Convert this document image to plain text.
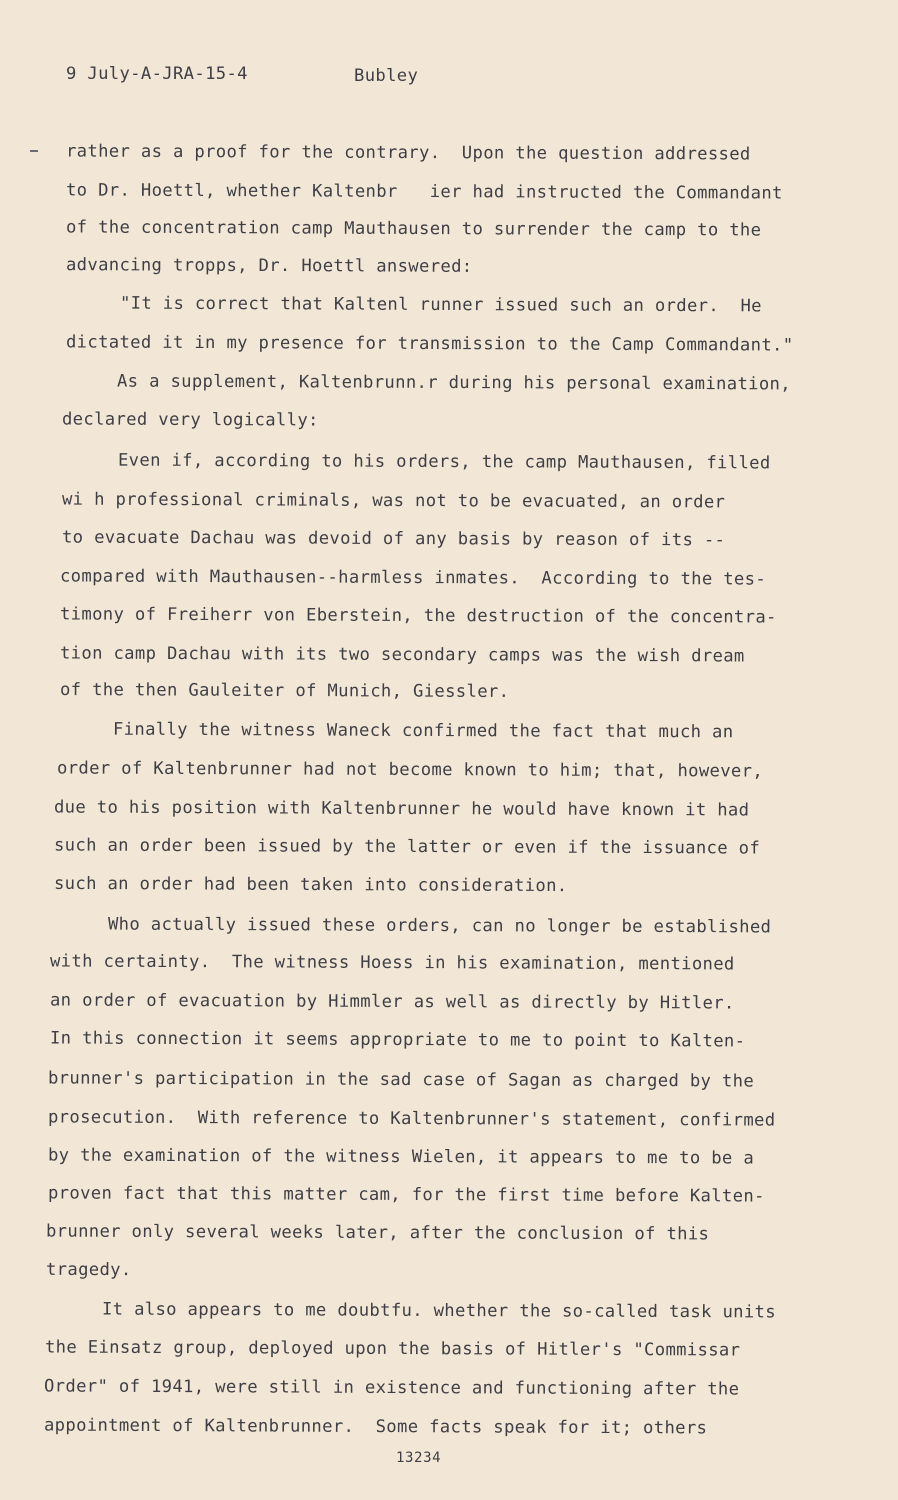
9 July-A-JRA-15-4	Bubley
rather as a proof for the contrary.  Upon the question addressed
to Dr. Hoettl, whether Kaltenbr   ier had instructed the Commandant
of the concentration camp Mauthausen to surrender the camp to the
advancing tropps, Dr. Hoettl answered:
"It is correct that Kaltenl runner issued such an order.  He
dictated it in my presence for transmission to the Camp Commandant."
As a supplement, Kaltenbrunn.r during his personal examination,
declared very logically:
Even if, according to his orders, the camp Mauthausen, filled
wi h professional criminals, was not to be evacuated, an order
to evacuate Dachau was devoid of any basis by reason of its --
compared with Mauthausen--harmless inmates.  According to the tes-
timony of Freiherr von Eberstein, the destruction of the concentra-
tion camp Dachau with its two secondary camps was the wish dream
of the then Gauleiter of Munich, Giessler.
Finally the witness Waneck confirmed the fact that much an
order of Kaltenbrunner had not become known to him; that, however,
due to his position with Kaltenbrunner he would have known it had
such an order been issued by the latter or even if the issuance of
such an order had been taken into consideration.
Who actually issued these orders, can no longer be established
with certainty.  The witness Hoess in his examination, mentioned
an order of evacuation by Himmler as well as directly by Hitler.
In this connection it seems appropriate to me to point to Kalten-
brunner's participation in the sad case of Sagan as charged by the
prosecution.  With reference to Kaltenbrunner's statement, confirmed
by the examination of the witness Wielen, it appears to me to be a
proven fact that this matter cam, for the first time before Kalten-
brunner only several weeks later, after the conclusion of this
tragedy.
It also appears to me doubtfu. whether the so-called task units
the Einsatz group, deployed upon the basis of Hitler's "Commissar
Order" of 1941, were still in existence and functioning after the
appointment of Kaltenbrunner.  Some facts speak for it; others
13234
